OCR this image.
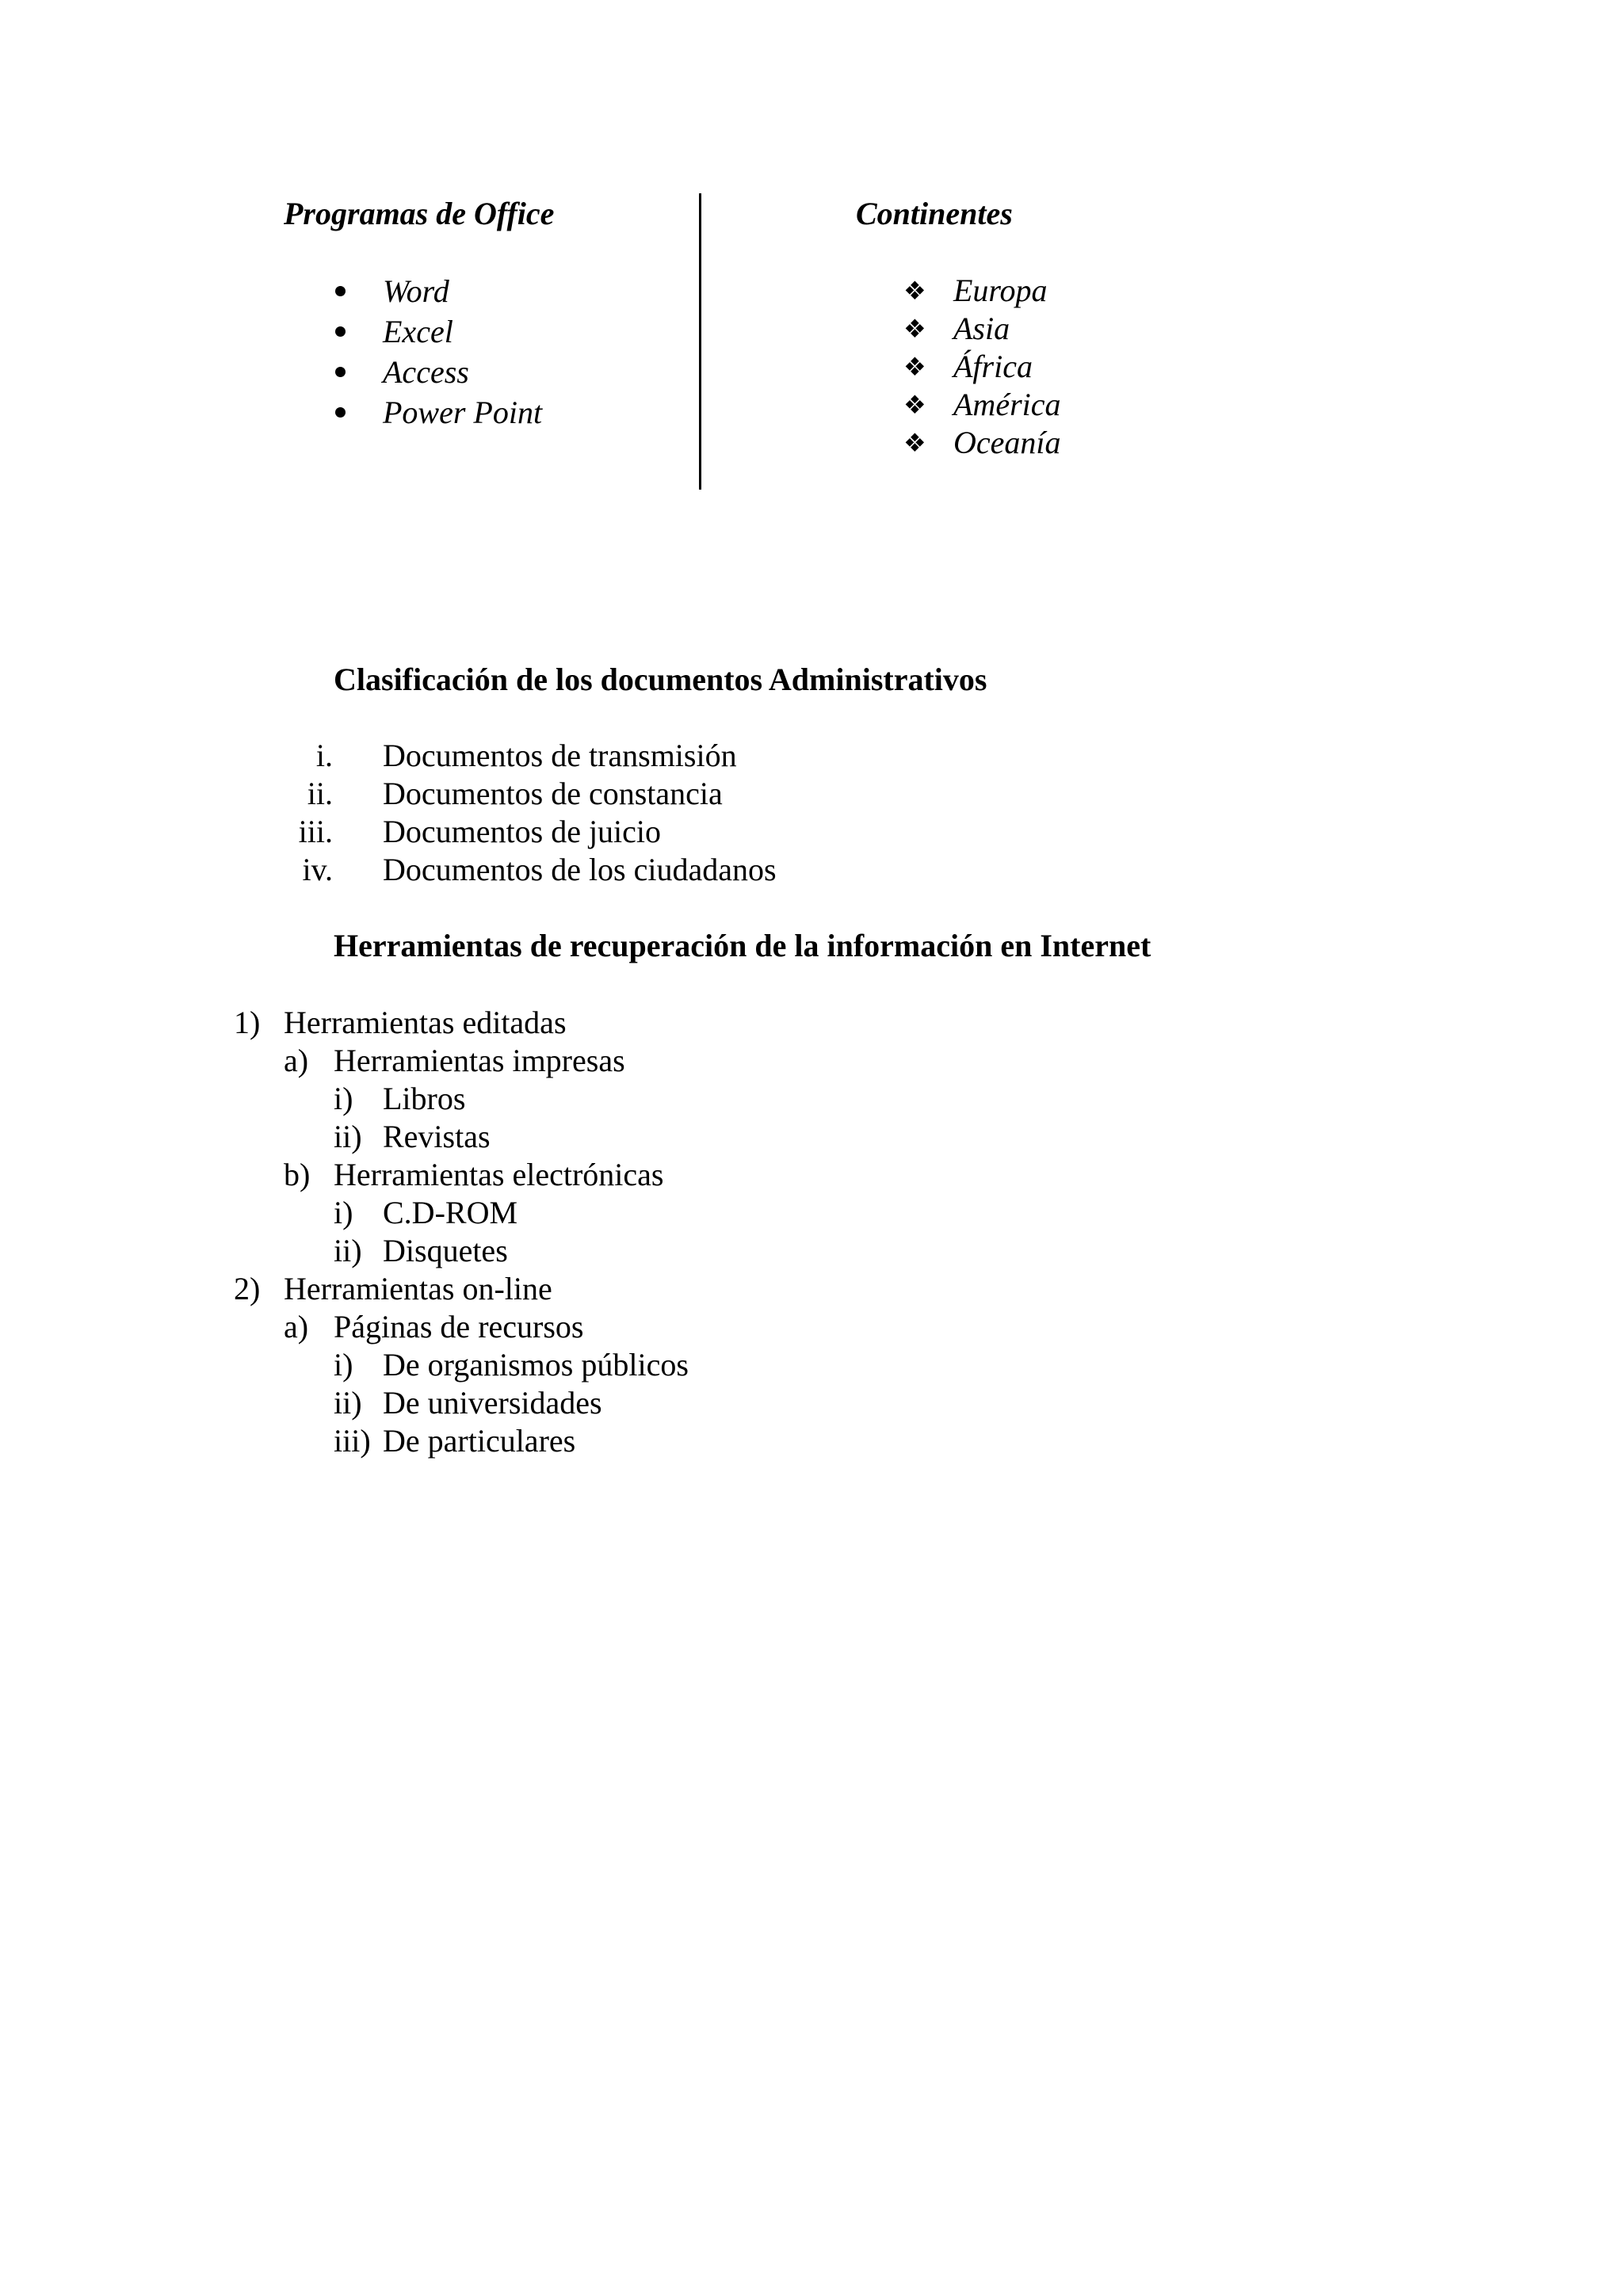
Programas de Office
Word
Excel
Access
Power Point
Continentes
❖ Europa
❖ Asia
❖ África
❖ América
❖ Oceanía
Clasificación de los documentos Administrativos
i. Documentos de transmisión
ii. Documentos de constancia
iii. Documentos de juicio
iv. Documentos de los ciudadanos
Herramientas de recuperación de la información en Internet
1) Herramientas editadas
a) Herramientas impresas
i) Libros
ii) Revistas
b) Herramientas electrónicas
i) C.D-ROM
ii) Disquetes
2) Herramientas on-line
a) Páginas de recursos
i) De organismos públicos
ii) De universidades
iii) De particulares
